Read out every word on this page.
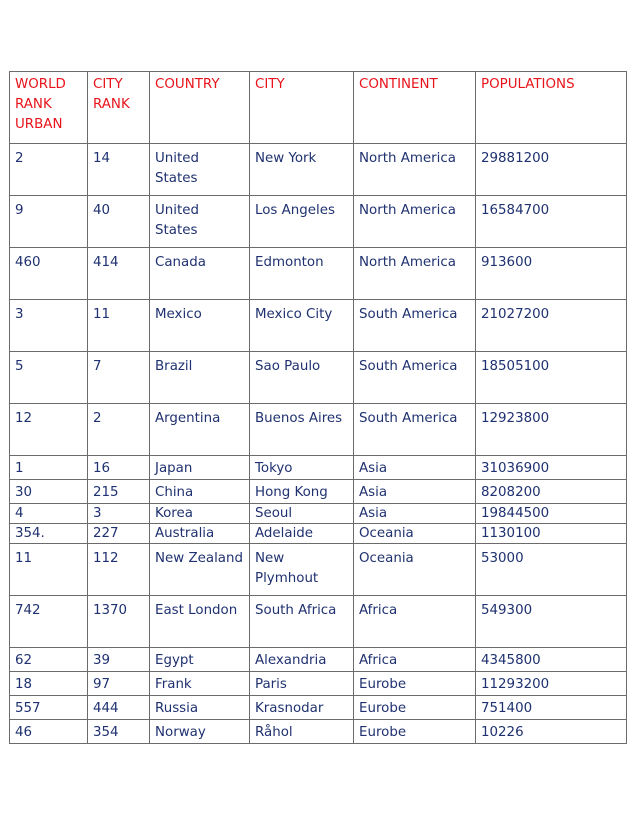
WORLD RANK URBAN	CITY RANK	COUNTRY	CITY	CONTINENT	POPULATIONS
2	14	United States	New York	North America	29881200
9	40	United States	Los Angeles	North America	16584700
460	414	Canada	Edmonton	North America	913600
3	11	Mexico	Mexico City	South America	21027200
5	7	Brazil	Sao Paulo	South America	18505100
12	2	Argentina	Buenos Aires	South America	12923800
1	16	Japan	Tokyo	Asia	31036900
30	215	China	Hong Kong	Asia	8208200
4	3	Korea	Seoul	Asia	19844500
354.	227	Australia	Adelaide	Oceania	1130100
11	112	New Zealand	New Plymhout	Oceania	53000
742	1370	East London	South Africa	Africa	549300
62	39	Egypt	Alexandria	Africa	4345800
18	97	Frank	Paris	Eurobe	11293200
557	444	Russia	Krasnodar	Eurobe	751400
46	354	Norway	Råhol	Eurobe	10226
